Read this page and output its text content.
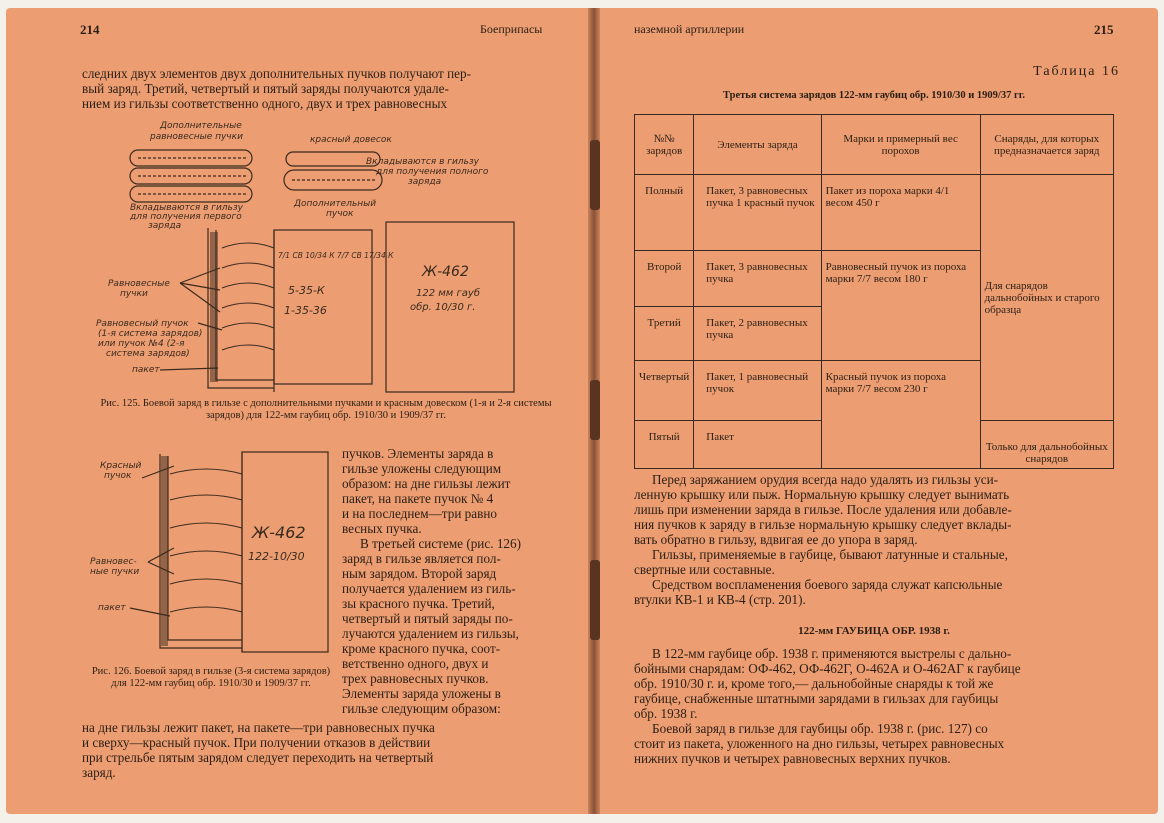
214	Боеприпасы

следних двух элементов двух дополнительных пучков получают пер-

вый заряд. Третий, четвертый и пятый заряды получаются удале-

нием из гильзы соответственно одного, двух и трех равновесных

Дополнительные
равновесные пучки	красный довесок
Вкладываются в гильзу
для получения полного
заряда
Вкладываются в гильзу
для получения первого
заряда
Дополнительный
пучок
Равновесные
пучки
Равновесный пучок
(1-я система зарядов)
или пучок №4 (2-я
система зарядов)
пакет
7/1 СВ 10/34 К 7/7 СВ 17/34 К
5-35-К
1-35-36
Ж-462
122 мм гауб
обр. 10/30 г.
Рис. 125. Боевой заряд в гильзе с дополнительными пучками и красным довеском (1-я и 2-я системы зарядов) для 122-мм гаубиц обр. 1910/30 и 1909/37 гг.
Красный
пучок
Равновес-
ные пучки
пакет
Ж-462
122-10/30
Рис. 126. Боевой заряд в гильзе (3-я система зарядов) для 122-мм гаубиц обр. 1910/30 и 1909/37 гг.

пучков. Элементы заряда в

гильзе уложены следующим

образом: на дне гильзы лежит

пакет, на пакете пучок № 4

и на последнем—три равно

весных пучка.

В третьей системе (рис. 126)

заряд в гильзе является пол-

ным зарядом. Второй заряд

получается удалением из гиль-

зы красного пучка. Третий,

четвертый и пятый заряды по-

лучаются удалением из гильзы,

кроме красного пучка, соот-

ветственно одного, двух и

трех равновесных пучков.

Элементы заряда уложены в

гильзе следующим образом:

на дне гильзы лежит пакет, на пакете—три равновесных пучка

и сверху—красный пучок. При получении отказов в действии

при стрельбе пятым зарядом следует переходить на четвертый

заряд.

наземной артиллерии	215
Таблица 16
Третья система зарядов 122-мм гаубиц обр. 1910/30 и 1909/37 гг.
№№ зарядов	Элементы заряда	Марки и примерный вес порохов	Снаряды, для которых предназначается заряд
Полный	Пакет, 3 равновесных пучка 1 красный пучок	Пакет из пороха марки 4/1 весом 450 г	Для снарядов дальнобойных и старого образца
Второй	Пакет, 3 равновесных пучка	Равновесный пучок из пороха марки 7/7 весом 180 г	
Третий	Пакет, 2 равновесных пучка		
Четвертый	Пакет, 1 равновесный пучок	Красный пучок из пороха марки 7/7 весом 230 г	
Пятый	Пакет		Только для дальнобойных снарядов

Перед заряжанием орудия всегда надо удалять из гильзы уси-

ленную крышку или пыж. Нормальную крышку следует вынимать

лишь при изменении заряда в гильзе. После удаления или добавле-

ния пучков к заряду в гильзе нормальную крышку следует вклады-

вать обратно в гильзу, вдвигая ее до упора в заряд.

Гильзы, применяемые в гаубице, бывают латунные и стальные,

свертные или составные.

Средством воспламенения боевого заряда служат капсюльные

втулки КВ-1 и КВ-4 (стр. 201).

122-мм ГАУБИЦА ОБР. 1938 г.

В 122-мм гаубице обр. 1938 г. применяются выстрелы с дально-

бойными снарядам: ОФ-462, ОФ-462Г, О-462А и О-462АГ к гаубице

обр. 1910/30 г. и, кроме того,— дальнобойные снаряды к той же

гаубице, снабженные штатными зарядами в гильзах для гаубицы

обр. 1938 г.

Боевой заряд в гильзе для гаубицы обр. 1938 г. (рис. 127) со

стоит из пакета, уложенного на дно гильзы, четырех равновесных

нижних пучков и четырех равновесных верхних пучков.
